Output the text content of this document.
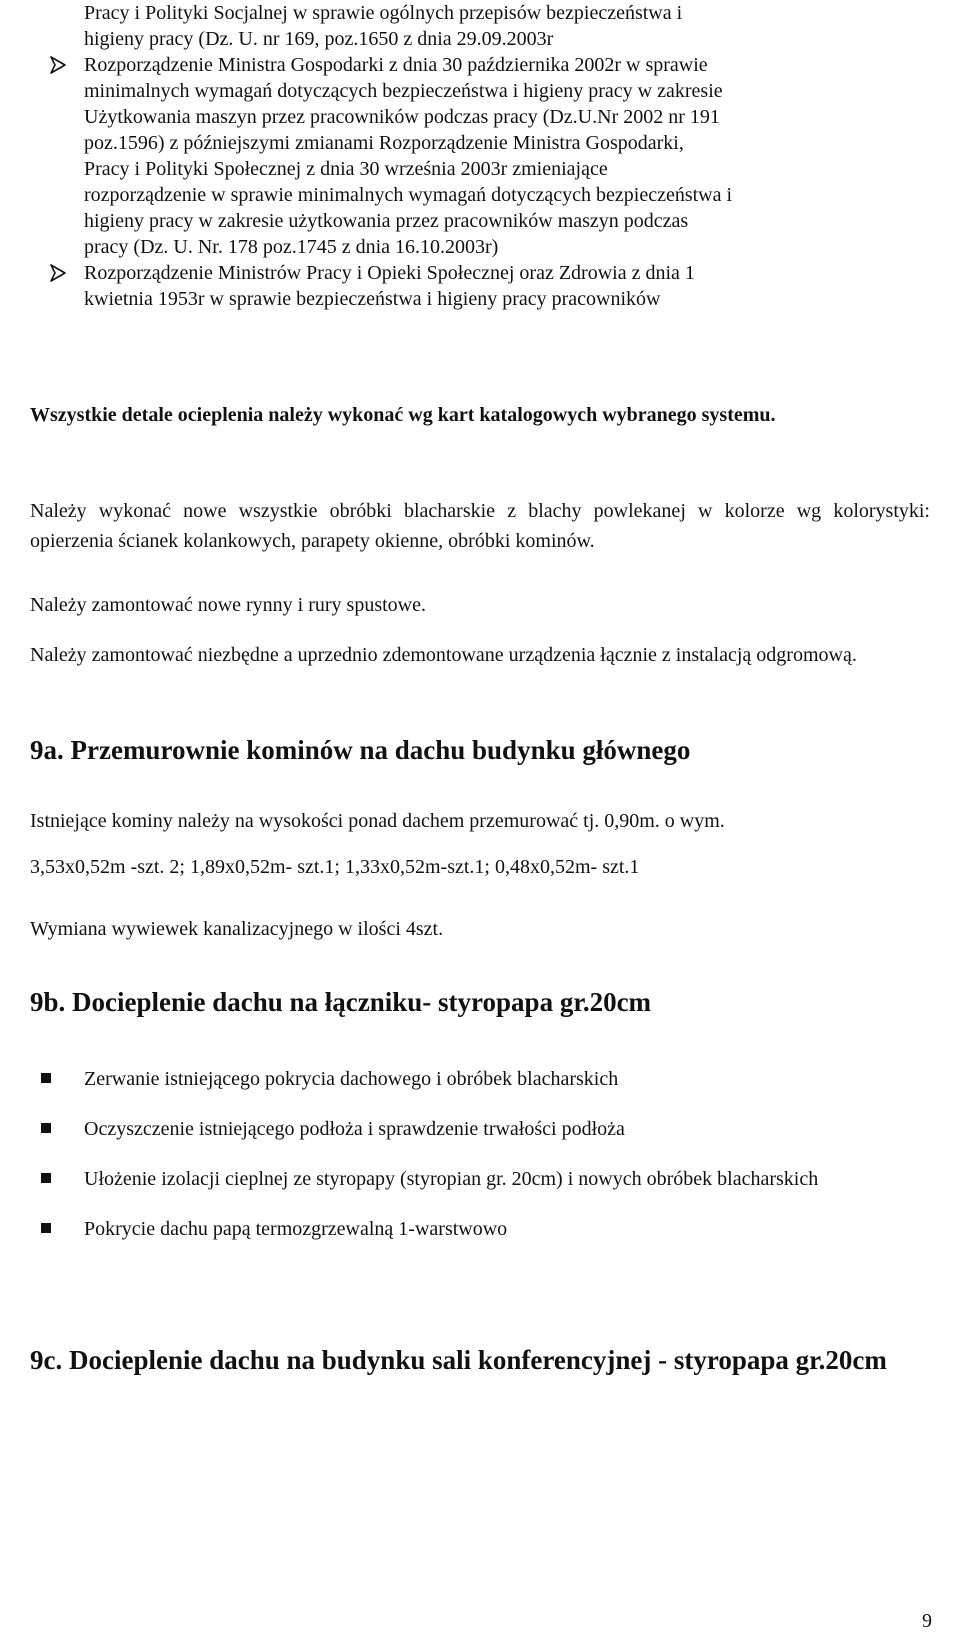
Pracy i Polityki Socjalnej w sprawie ogólnych przepisów bezpieczeństwa i
higieny pracy (Dz. U. nr 169, poz.1650 z dnia 29.09.2003r
Rozporządzenie Ministra Gospodarki z dnia 30 października 2002r w sprawie
minimalnych wymagań dotyczących bezpieczeństwa i higieny pracy w zakresie
Użytkowania maszyn przez pracowników podczas pracy (Dz.U.Nr 2002 nr 191
poz.1596) z późniejszymi zmianami Rozporządzenie Ministra Gospodarki,
Pracy i Polityki Społecznej z dnia 30 września 2003r zmieniające
rozporządzenie w sprawie minimalnych wymagań dotyczących bezpieczeństwa i
higieny pracy w zakresie użytkowania przez pracowników maszyn podczas
pracy (Dz. U. Nr. 178 poz.1745 z dnia 16.10.2003r)
Rozporządzenie Ministrów Pracy i Opieki Społecznej oraz Zdrowia z dnia 1
kwietnia 1953r w sprawie bezpieczeństwa i higieny pracy pracowników
Wszystkie detale ocieplenia należy wykonać wg kart katalogowych wybranego systemu.
Należy wykonać nowe wszystkie obróbki blacharskie z blachy powlekanej w kolorze wg kolorystyki: opierzenia ścianek kolankowych, parapety okienne, obróbki kominów.
Należy zamontować nowe rynny i rury spustowe.
Należy zamontować niezbędne a uprzednio zdemontowane urządzenia łącznie z instalacją odgromową.
9a. Przemurownie kominów na dachu budynku głównego
Istniejące kominy należy na wysokości ponad dachem przemurować tj. 0,90m. o wym.
3,53x0,52m -szt. 2; 1,89x0,52m- szt.1; 1,33x0,52m-szt.1; 0,48x0,52m- szt.1
Wymiana wywiewek kanalizacyjnego w ilości 4szt.
9b. Docieplenie dachu na łączniku- styropapa gr.20cm
Zerwanie istniejącego pokrycia dachowego i obróbek blacharskich
Oczyszczenie istniejącego podłoża i sprawdzenie trwałości podłoża
Ułożenie izolacji cieplnej ze styropapy (styropian gr. 20cm) i nowych obróbek blacharskich
Pokrycie dachu papą termozgrzewalną 1-warstwowo
9c. Docieplenie dachu na budynku sali konferencyjnej - styropapa gr.20cm
9
